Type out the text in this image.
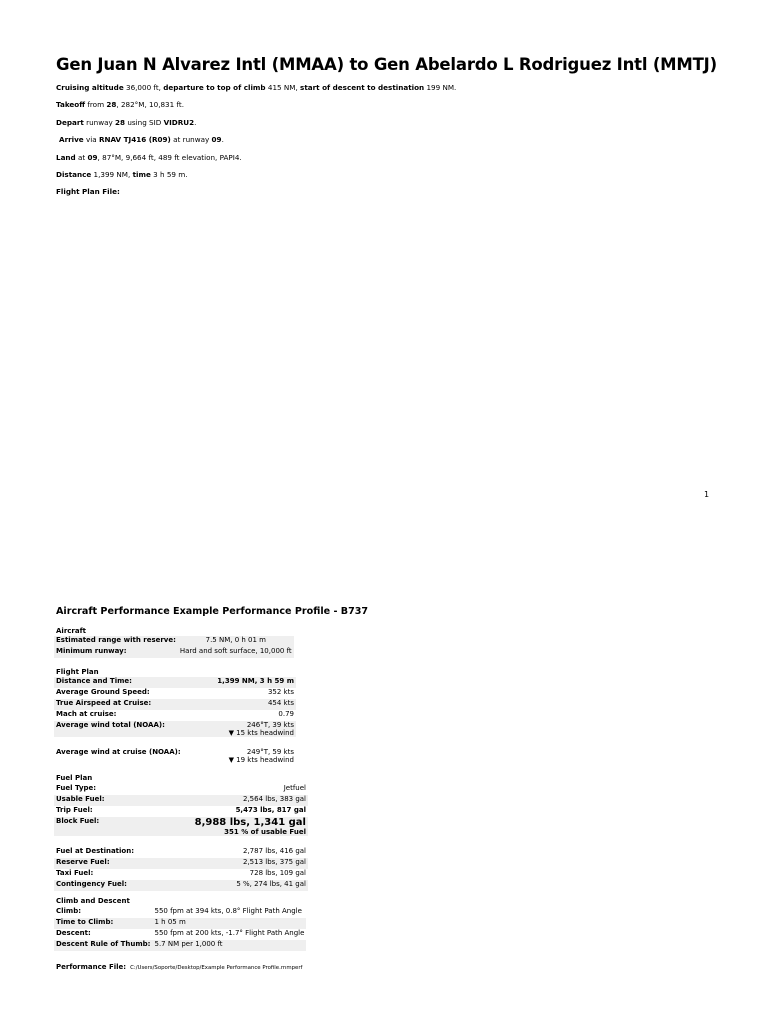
Gen Juan N Alvarez Intl (MMAA) to Gen Abelardo L Rodriguez Intl (MMTJ)
Cruising altitude 36,000 ft, departure to top of climb 415 NM, start of descent to destination 199 NM.
Takeoff from 28, 282°M, 10,831 ft.
Depart runway 28 using SID VIDRU2.
Arrive via RNAV TJ416 (R09) at runway 09.
Land at 09, 87°M, 9,664 ft, 489 ft elevation, PAPI4.
Distance 1,399 NM, time 3 h 59 m.
Flight Plan File:
1
Aircraft Performance Example Performance Profile - B737
Aircraft
Estimated range with reserve:	7.5 NM, 0 h 01 m
Minimum runway:	Hard and soft surface, 10,000 ft
Flight Plan
Distance and Time:	1,399 NM, 3 h 59 m
Average Ground Speed:	352 kts
True Airspeed at Cruise:	454 kts
Mach at cruise:	0.79
Average wind total (NOAA):	246°T, 39 kts
▼ 15 kts headwind

Average wind at cruise (NOAA):	249°T, 59 kts
▼ 19 kts headwind
Fuel Plan
Fuel Type:	Jetfuel
Usable Fuel:	2,564 lbs, 383 gal
Trip Fuel:	5,473 lbs, 817 gal
Block Fuel:	8,988 lbs, 1,341 gal
351 % of usable Fuel

Fuel at Destination:	2,787 lbs, 416 gal
Reserve Fuel:	2,513 lbs, 375 gal
Taxi Fuel:	728 lbs, 109 gal
Contingency Fuel:	5 %, 274 lbs, 41 gal
Climb and Descent
Climb:	550 fpm at 394 kts, 0.8° Flight Path Angle
Time to Climb:	1 h 05 m
Descent:	550 fpm at 200 kts, -1.7° Flight Path Angle
Descent Rule of Thumb:	5.7 NM per 1,000 ft
Performance File: C:/Users/Soporte/Desktop/Example Performance Profile.rnmperf
